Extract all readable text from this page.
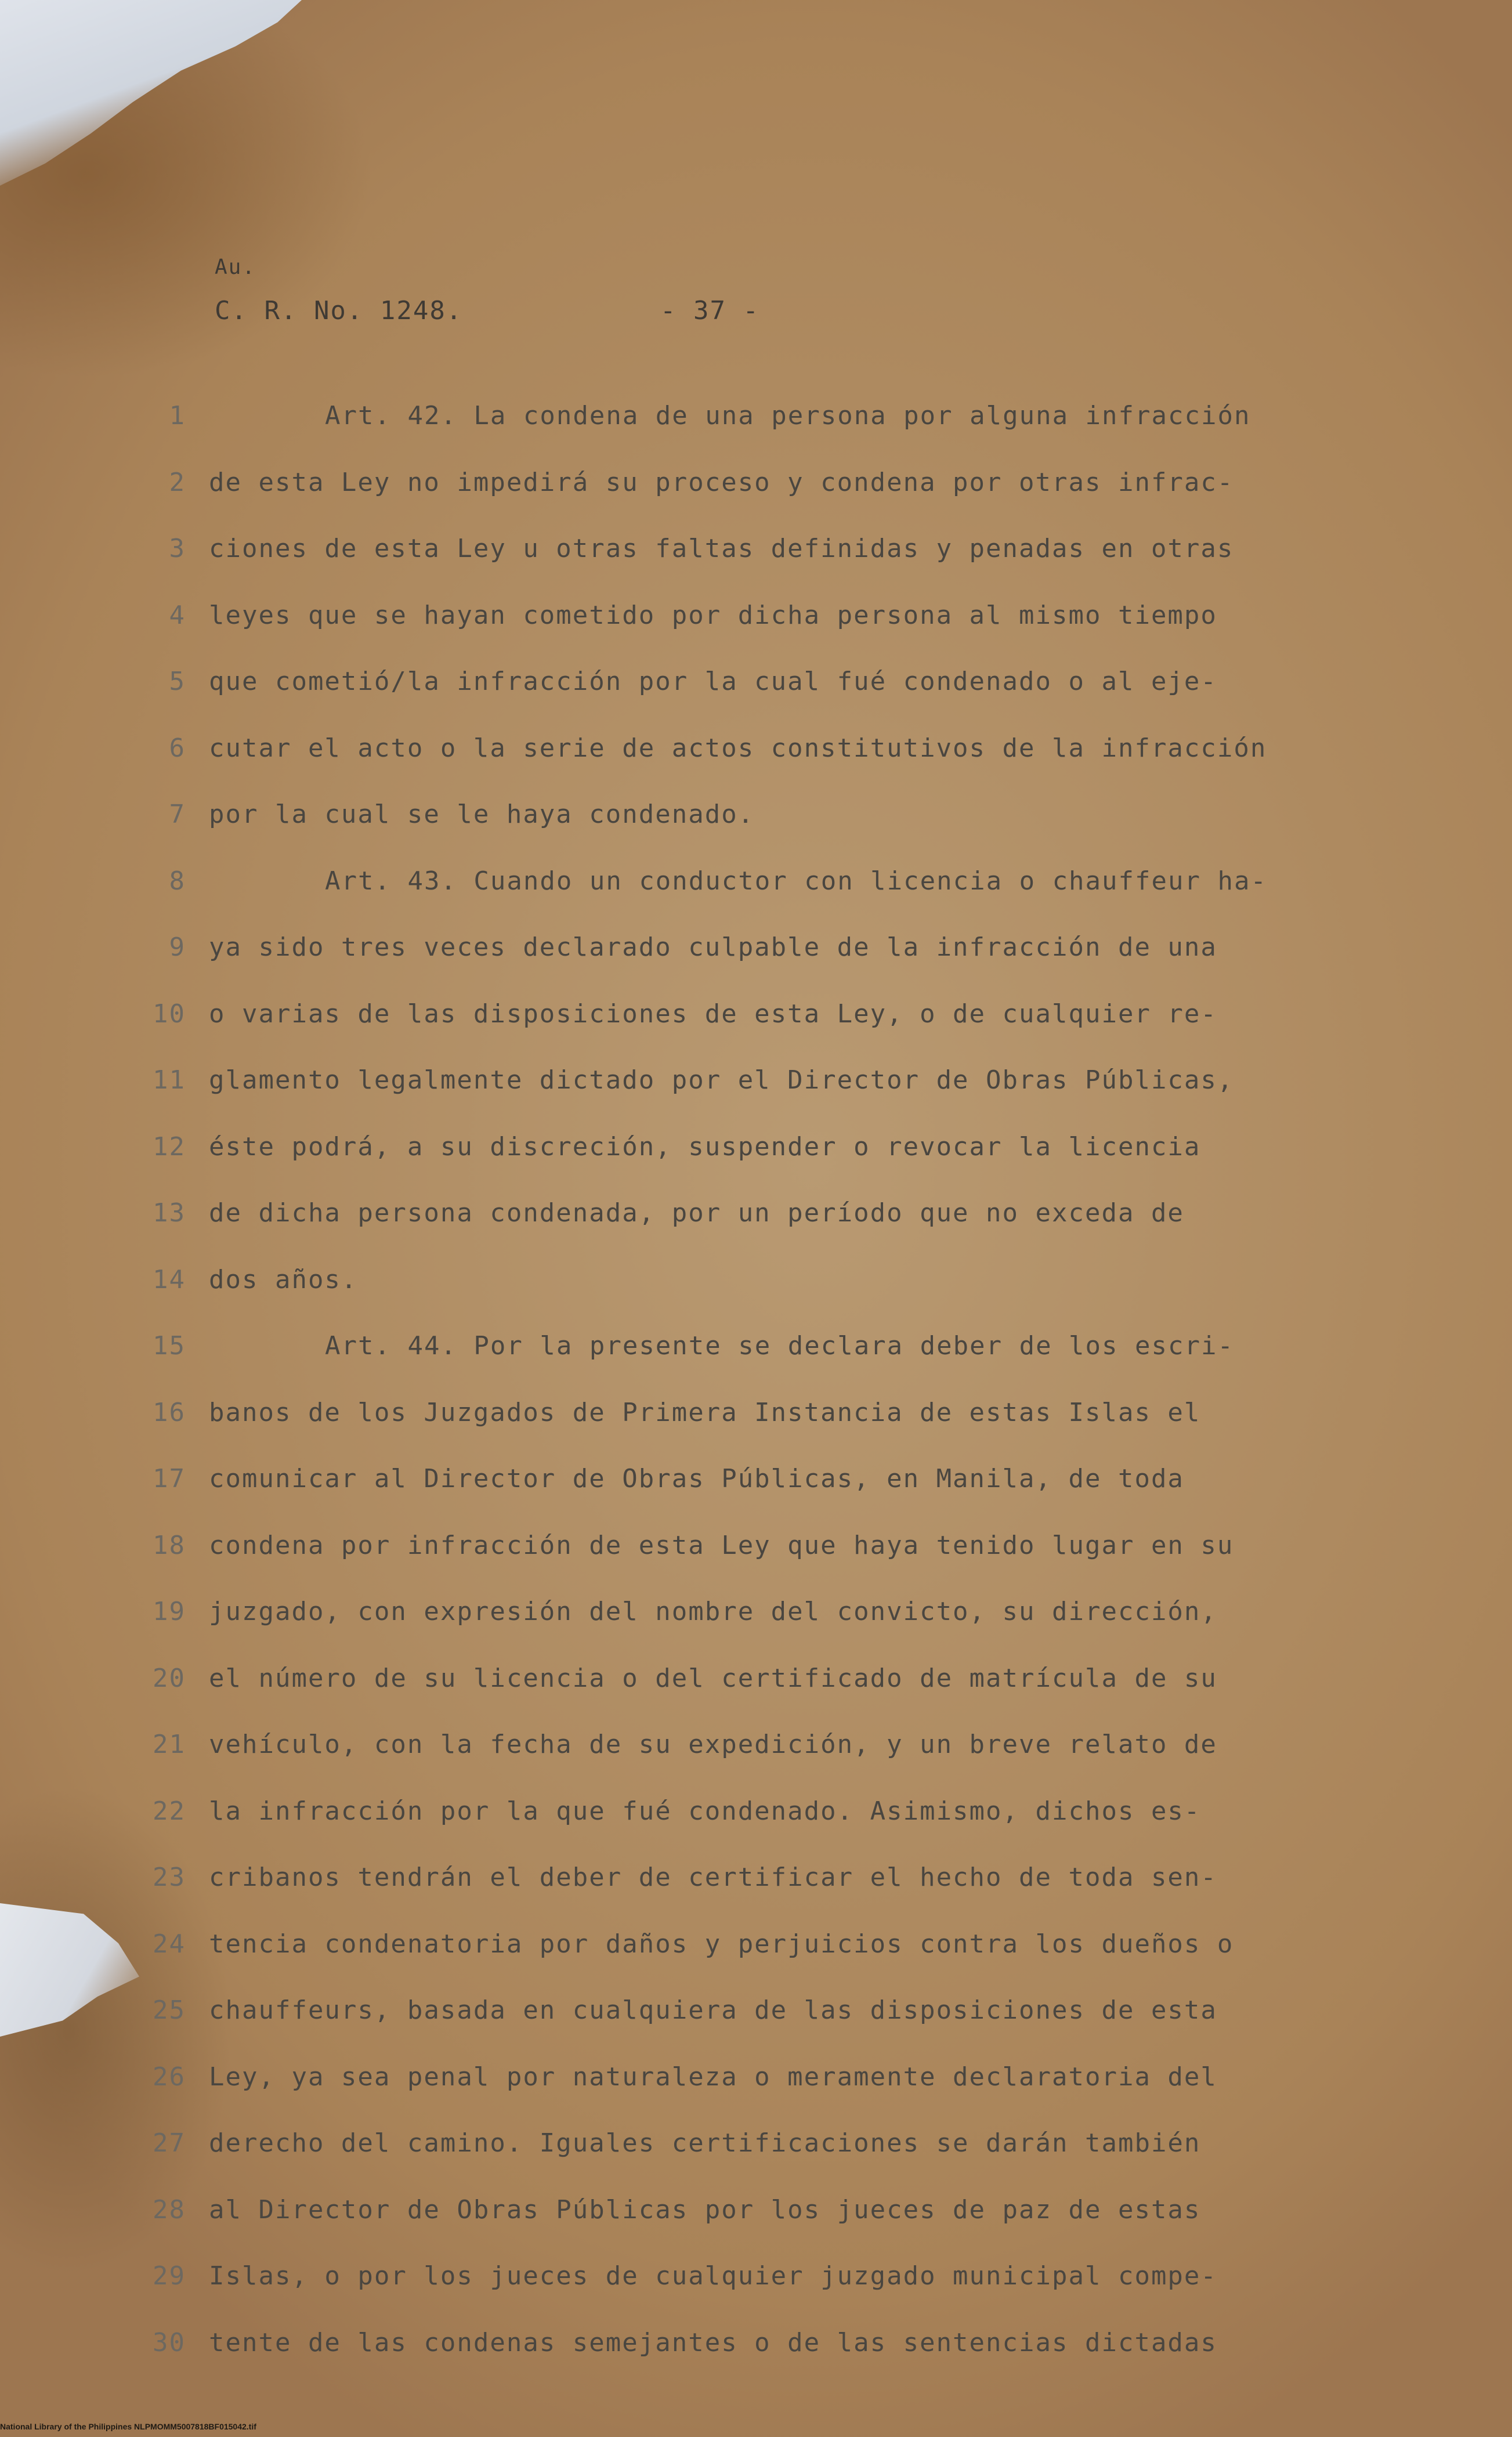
Au.
C. R. No. 1248.	- 37 -
1	Art. 42. La condena de una persona por alguna infracción
2 de esta Ley no impedirá su proceso y condena por otras infrac-
3 ciones de esta Ley u otras faltas definidas y penadas en otras
4 leyes que se hayan cometido por dicha persona al mismo tiempo
5 que cometió/la infracción por la cual fué condenado o al eje-
6 cutar el acto o la serie de actos constitutivos de la infracción
7 por la cual se le haya condenado.
8	Art. 43. Cuando un conductor con licencia o chauffeur ha-
9 ya sido tres veces declarado culpable de la infracción de una
10 o varias de las disposiciones de esta Ley, o de cualquier re-
11 glamento legalmente dictado por el Director de Obras Públicas,
12 éste podrá, a su discreción, suspender o revocar la licencia
13 de dicha persona condenada, por un período que no exceda de
14 dos años.
15	Art. 44. Por la presente se declara deber de los escri-
16 banos de los Juzgados de Primera Instancia de estas Islas el
17 comunicar al Director de Obras Públicas, en Manila, de toda
18 condena por infracción de esta Ley que haya tenido lugar en su
19 juzgado, con expresión del nombre del convicto, su dirección,
20 el número de su licencia o del certificado de matrícula de su
21 vehículo, con la fecha de su expedición, y un breve relato de
22 la infracción por la que fué condenado. Asimismo, dichos es-
23 cribanos tendrán el deber de certificar el hecho de toda sen-
24 tencia condenatoria por daños y perjuicios contra los dueños o
25 chauffeurs, basada en cualquiera de las disposiciones de esta
26 Ley, ya sea penal por naturaleza o meramente declaratoria del
27 derecho del camino. Iguales certificaciones se darán también
28 al Director de Obras Públicas por los jueces de paz de estas
29 Islas, o por los jueces de cualquier juzgado municipal compe-
30 tente de las condenas semejantes o de las sentencias dictadas
National Library of the Philippines NLPMOMM5007818BF015042.tif
